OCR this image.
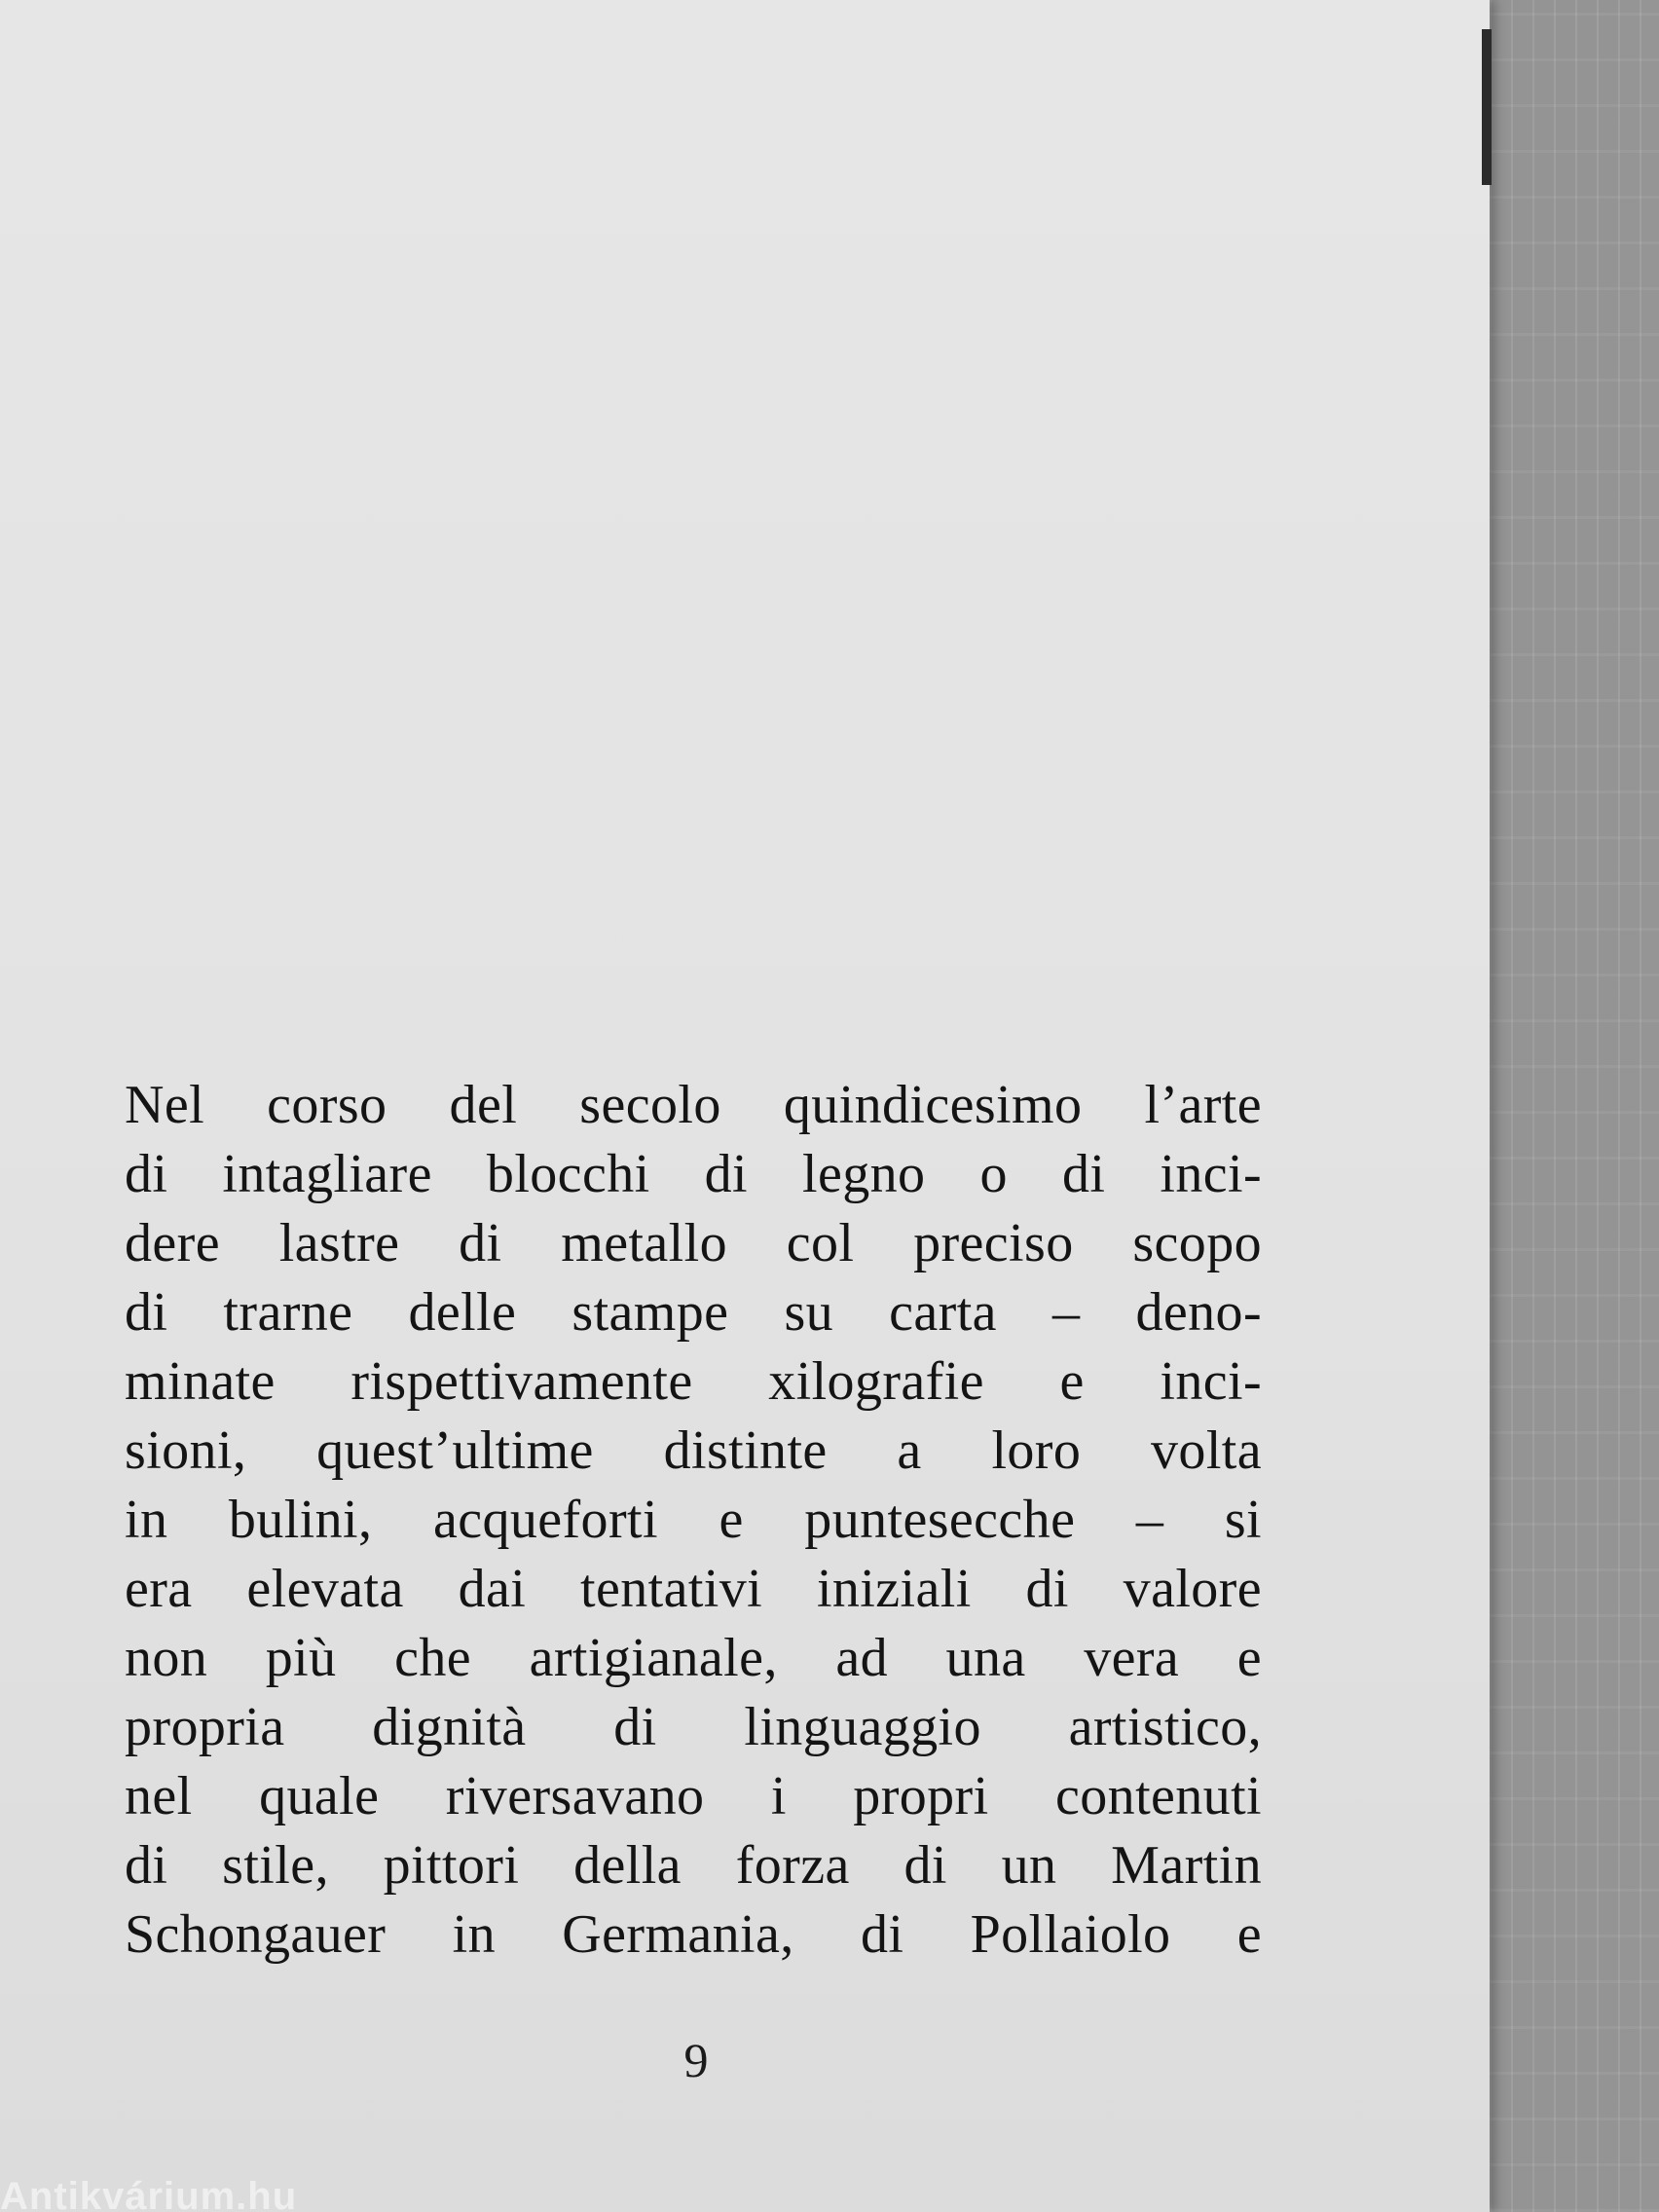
Nel corso del secolo quindicesimo l’arte
di intagliare blocchi di legno o di inci-
dere lastre di metallo col preciso scopo
di trarne delle stampe su carta – deno-
minate rispettivamente xilografie e inci-
sioni, quest’ultime distinte a loro volta
in bulini, acqueforti e puntesecche – si
era elevata dai tentativi iniziali di valore
non più che artigianale, ad una vera e
propria dignità di linguaggio artistico,
nel quale riversavano i propri contenuti
di stile, pittori della forza di un Martin
Schongauer in Germania, di Pollaiolo e
9
Antikvárium.hu
